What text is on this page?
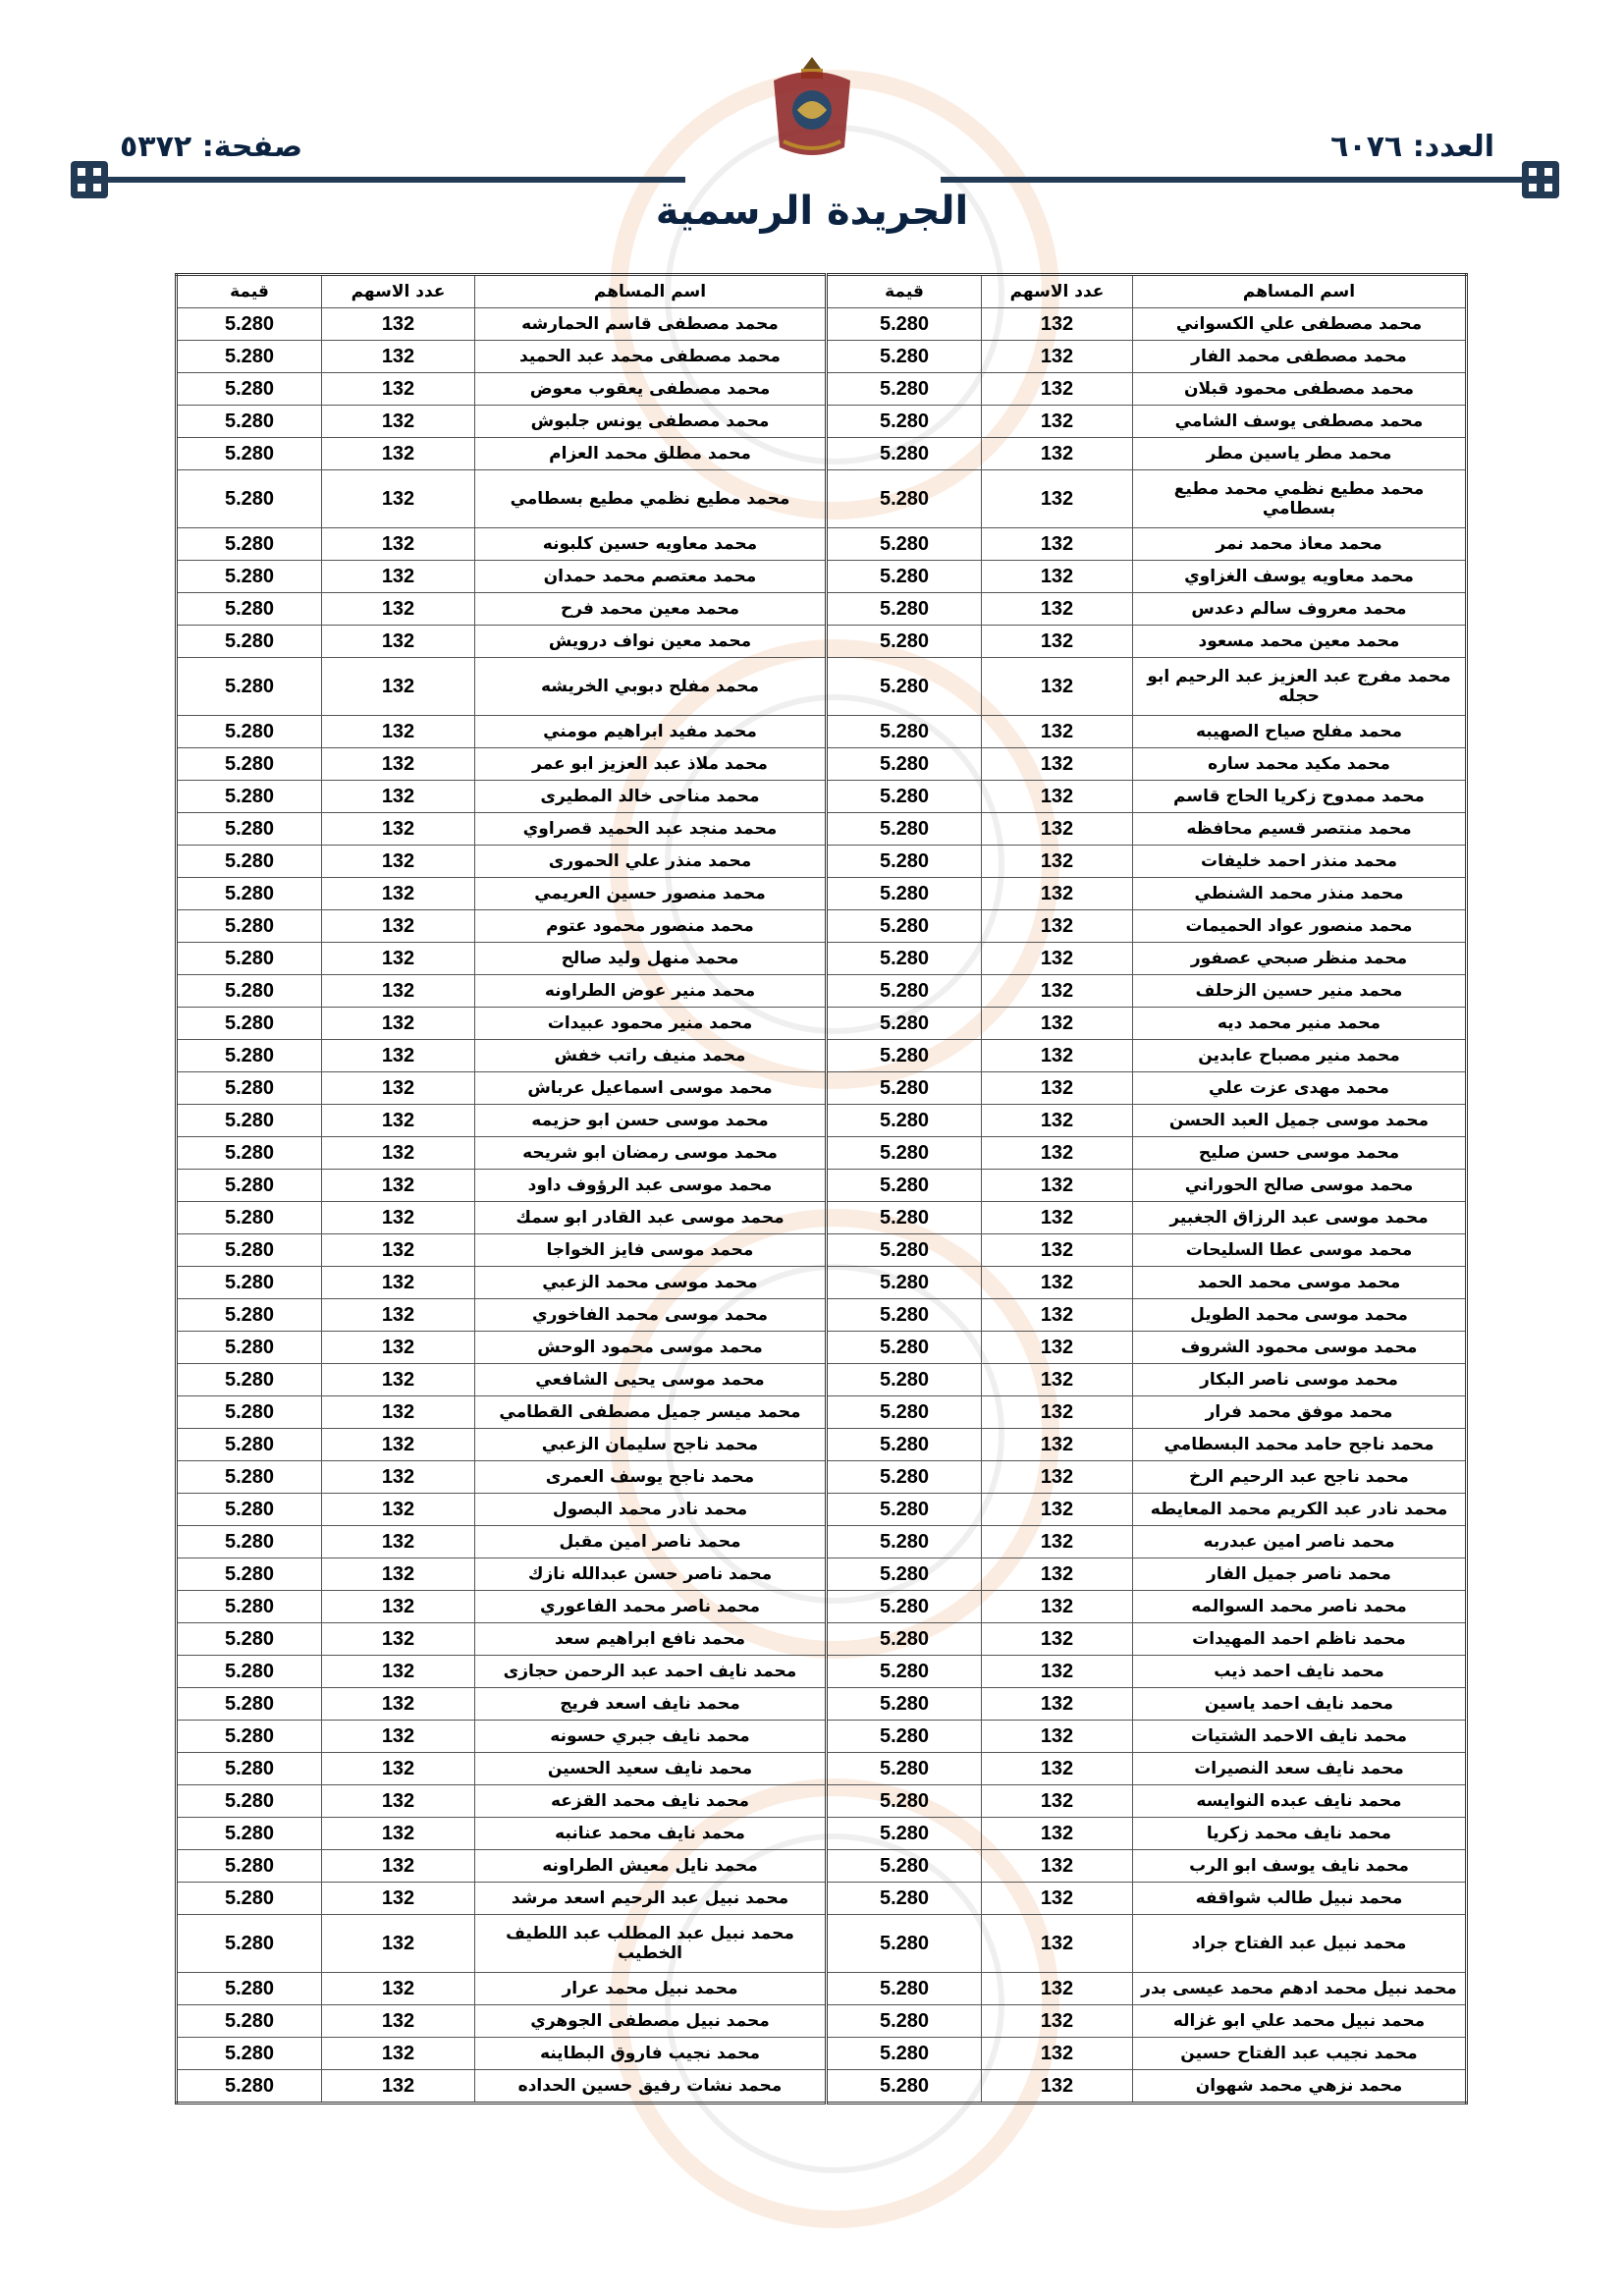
العدد: ٦٠٧٦
صفحة: ٥٣٧٢
الجريدة الرسمية
اسم المساهم	عدد الاسهم	قيمة	اسم المساهم	عدد الاسهم	قيمة
محمد مصطفى علي الكسواني	132	5.280	محمد مصطفى قاسم الحمارشه	132	5.280
محمد مصطفى محمد الفار	132	5.280	محمد مصطفى محمد عبد الحميد	132	5.280
محمد مصطفى محمود قبلان	132	5.280	محمد مصطفى يعقوب معوض	132	5.280
محمد مصطفى يوسف الشامي	132	5.280	محمد مصطفى يونس جلبوش	132	5.280
محمد مطر ياسين مطر	132	5.280	محمد مطلق محمد العزام	132	5.280
محمد مطيع نظمي محمد مطيع بسطامي	132	5.280	محمد مطيع نظمي مطيع بسطامي	132	5.280
محمد معاذ محمد نمر	132	5.280	محمد معاويه حسين كلبونه	132	5.280
محمد معاويه يوسف الغزاوي	132	5.280	محمد معتصم محمد حمدان	132	5.280
محمد معروف سالم دعدس	132	5.280	محمد معين محمد فرح	132	5.280
محمد معين محمد مسعود	132	5.280	محمد معين نواف درويش	132	5.280
محمد مفرج عبد العزيز عبد الرحيم ابو حجله	132	5.280	محمد مفلح دبوبي الخريشه	132	5.280
محمد مفلح صياح الصهيبه	132	5.280	محمد مفيد ابراهيم مومني	132	5.280
محمد مكيد محمد ساره	132	5.280	محمد ملاذ عبد العزيز ابو عمر	132	5.280
محمد ممدوح زكريا الحاج قاسم	132	5.280	محمد مناحى خالد المطيرى	132	5.280
محمد منتصر قسيم محافظه	132	5.280	محمد منجد عبد الحميد قصراوي	132	5.280
محمد منذر احمد خليفات	132	5.280	محمد منذر علي الحمورى	132	5.280
محمد منذر محمد الشنطي	132	5.280	محمد منصور حسين العريمي	132	5.280
محمد منصور عواد الحميمات	132	5.280	محمد منصور محمود عتوم	132	5.280
محمد منظر صبحي عصفور	132	5.280	محمد منهل وليد صالح	132	5.280
محمد منير حسين الزحلف	132	5.280	محمد منير عوض الطراونه	132	5.280
محمد منير محمد ديه	132	5.280	محمد منير محمود عبيدات	132	5.280
محمد منير مصباح عابدين	132	5.280	محمد منيف راتب خفش	132	5.280
محمد مهدى عزت علي	132	5.280	محمد موسى اسماعيل عرباش	132	5.280
محمد موسى جميل العبد الحسن	132	5.280	محمد موسى حسن ابو حزيمه	132	5.280
محمد موسى حسن صليح	132	5.280	محمد موسى رمضان ابو شريحه	132	5.280
محمد موسى صالح الحوراني	132	5.280	محمد موسى عبد الرؤوف داود	132	5.280
محمد موسى عبد الرزاق الجغبير	132	5.280	محمد موسى عبد القادر ابو سمك	132	5.280
محمد موسى عطا السليحات	132	5.280	محمد موسى فايز الخواجا	132	5.280
محمد موسى محمد الحمد	132	5.280	محمد موسى محمد الزعبي	132	5.280
محمد موسى محمد الطويل	132	5.280	محمد موسى محمد الفاخوري	132	5.280
محمد موسى محمود الشروف	132	5.280	محمد موسى محمود الوحش	132	5.280
محمد موسى ناصر البكار	132	5.280	محمد موسى يحيى الشافعي	132	5.280
محمد موفق محمد فرار	132	5.280	محمد ميسر جميل مصطفى القطامي	132	5.280
محمد ناجح حامد محمد البسطامي	132	5.280	محمد ناجح سليمان الزعبي	132	5.280
محمد ناجح عبد الرحيم الرخ	132	5.280	محمد ناجح يوسف العمرى	132	5.280
محمد نادر عبد الكريم محمد المعايطه	132	5.280	محمد نادر محمد البصول	132	5.280
محمد ناصر امين عبدربه	132	5.280	محمد ناصر امين مقبل	132	5.280
محمد ناصر جميل الفار	132	5.280	محمد ناصر حسن عبدالله نازك	132	5.280
محمد ناصر محمد السوالمه	132	5.280	محمد ناصر محمد الفاعوري	132	5.280
محمد ناظم احمد المهيدات	132	5.280	محمد نافع ابراهيم سعد	132	5.280
محمد نايف احمد ذيب	132	5.280	محمد نايف احمد عبد الرحمن حجازى	132	5.280
محمد نايف احمد ياسين	132	5.280	محمد نايف اسعد فريج	132	5.280
محمد نايف الاحمد الشتيات	132	5.280	محمد نايف جبري حسونه	132	5.280
محمد نايف سعد النصيرات	132	5.280	محمد نايف سعيد الحسين	132	5.280
محمد نايف عبده النوايسه	132	5.280	محمد نايف محمد القزعه	132	5.280
محمد نايف محمد زكريا	132	5.280	محمد نايف محمد عنانبه	132	5.280
محمد نايف يوسف ابو الرب	132	5.280	محمد نايل معيش الطراونه	132	5.280
محمد نبيل طالب شواقفه	132	5.280	محمد نبيل عبد الرحيم اسعد مرشد	132	5.280
محمد نبيل عبد الفتاح جراد	132	5.280	محمد نبيل عبد المطلب عبد اللطيف الخطيب	132	5.280
محمد نبيل محمد ادهم محمد عيسى بدر	132	5.280	محمد نبيل محمد عرار	132	5.280
محمد نبيل محمد علي ابو غزاله	132	5.280	محمد نبيل مصطفى الجوهري	132	5.280
محمد نجيب عبد الفتاح حسين	132	5.280	محمد نجيب فاروق البطاينه	132	5.280
محمد نزهي محمد شهوان	132	5.280	محمد نشات رفيق حسين الحداده	132	5.280
